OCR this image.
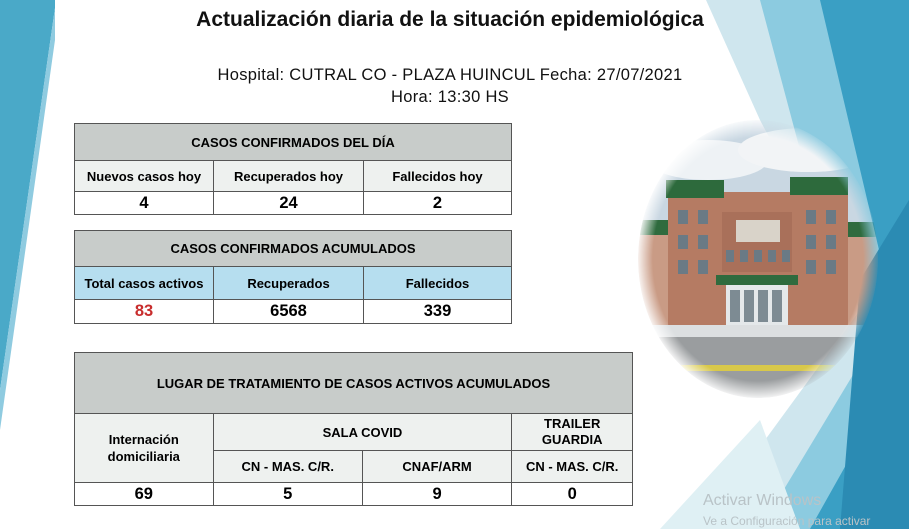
Actualización diaria de la situación epidemiológica
Hospital: CUTRAL CO - PLAZA HUINCUL Fecha: 27/07/2021
Hora: 13:30 HS
CASOS CONFIRMADOS DEL DÍA		
Nuevos casos hoy	Recuperados hoy	Fallecidos hoy
4	24	2
CASOS CONFIRMADOS ACUMULADOS		
Total casos activos	Recuperados	Fallecidos
83	6568	339
LUGAR DE TRATAMIENTO DE CASOS ACTIVOS ACUMULADOS			
Internación domiciliaria	SALA COVID		TRAILER GUARDIA
	CN - MAS. C/R.	CNAF/ARM	CN - MAS. C/R.
69	5	9	0	Activar Windows
Ve a Configuración para activar
